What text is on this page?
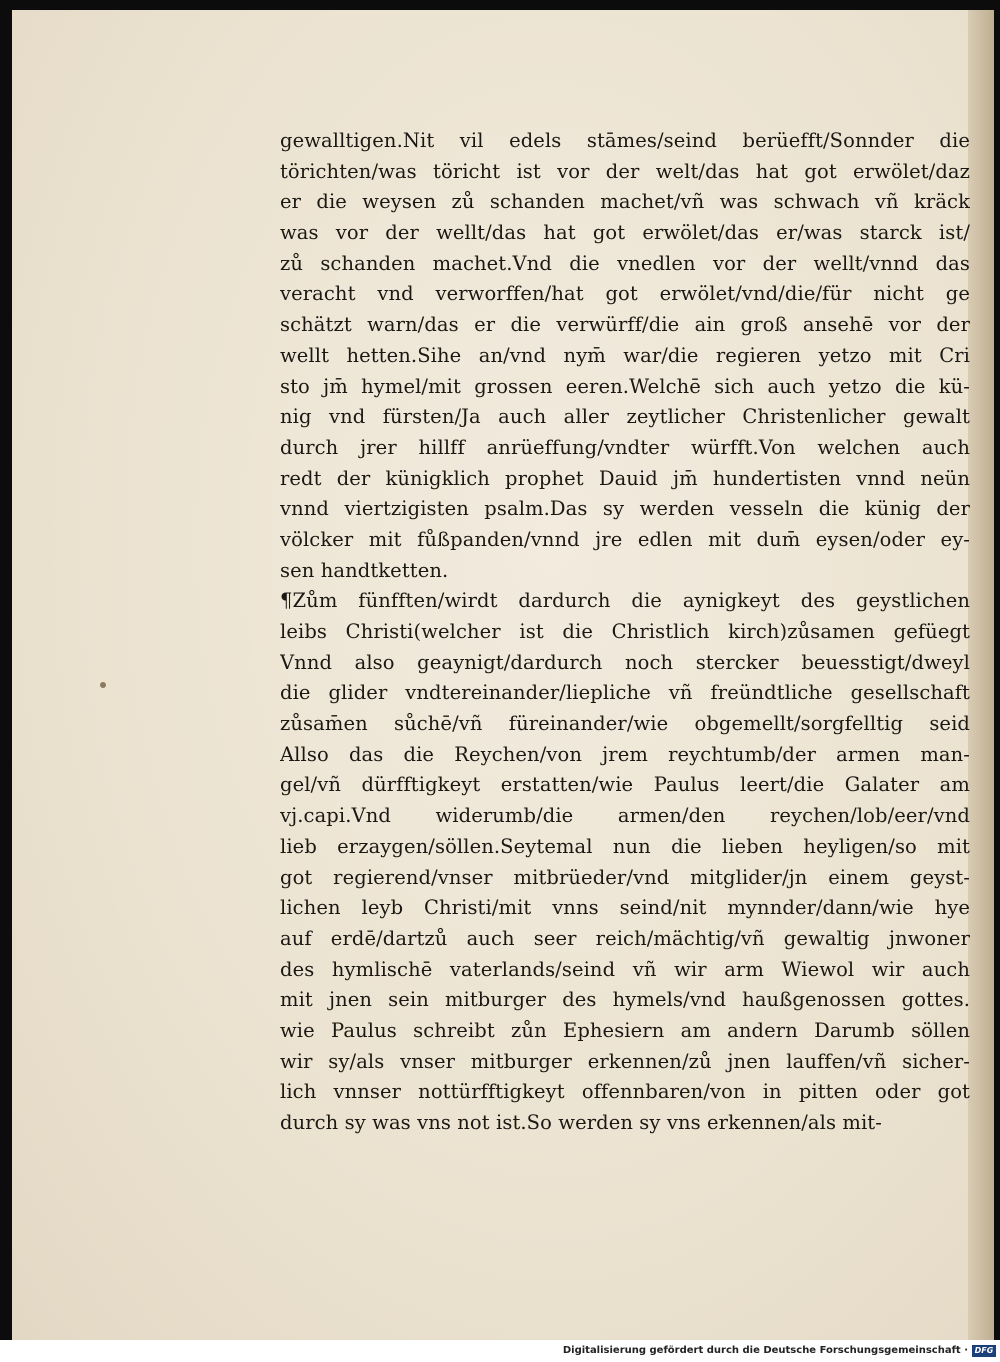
gewalltigen.Nit vil edels stāmes/seind berüefft/Sonnder die
törichten/was töricht ist vor der welt/das hat got erwölet/daz
er die weysen zů schanden machet/vñ was schwach vñ kräck
was vor der wellt/das hat got erwölet/das er/was starck ist/
zů schanden machet.Vnd die vnedlen vor der wellt/vnnd das
veracht vnd verworffen/hat got erwölet/vnd/die/für nicht ge
schätzt warn/das er die verwürff/die ain groß ansehē vor der
wellt hetten.Sihe an/vnd nym̄ war/die regieren yetzo mit Cri
sto jm̄ hymel/mit grossen eeren.Welchē sich auch yetzo die kü-
nig vnd fürsten/Ja auch aller zeytlicher Christenlicher gewalt
durch jrer hillff anrüeffung/vndter würfft.Von welchen auch
redt der künigklich prophet Dauid jm̄ hundertisten vnnd neün
vnnd viertzigisten psalm.Das sy werden vesseln die künig der
völcker mit fůßpanden/vnnd jre edlen mit dum̄ eysen/oder ey-
sen handtketten.
¶Zům fünfften/wirdt dardurch die aynigkeyt des geystlichen
leibs Christi(welcher ist die Christlich kirch)zůsamen gefüegt
Vnnd also geaynigt/dardurch noch stercker beuesstigt/dweyl
die glider vndtereinander/liepliche vñ freündtliche gesellschaft
zůsam̄en sůchē/vñ füreinander/wie obgemellt/sorgfelltig seid
Allso das die Reychen/von jrem reychtumb/der armen man-
gel/vñ dürfftigkeyt erstatten/wie Paulus leert/die Galater am
vj.capi.Vnd widerumb/die armen/den reychen/lob/eer/vnd
lieb erzaygen/söllen.Seytemal nun die lieben heyligen/so mit
got regierend/vnser mitbrüeder/vnd mitglider/jn einem geyst-
lichen leyb Christi/mit vnns seind/nit mynnder/dann/wie hye
auf erdē/dartzů auch seer reich/mächtig/vñ gewaltig jnwoner
des hymlischē vaterlands/seind vñ wir arm Wiewol wir auch
mit jnen sein mitburger des hymels/vnd haußgenossen gottes.
wie Paulus schreibt zůn Ephesiern am andern Darumb söllen
wir sy/als vnser mitburger erkennen/zů jnen lauffen/vñ sicher-
lich vnnser nottürfftigkeyt offennbaren/von in pitten oder got
durch sy was vns not ist.So werden sy vns erkennen/als mit-
Digitalisierung gefördert durch die Deutsche Forschungsgemeinschaft · DFG
